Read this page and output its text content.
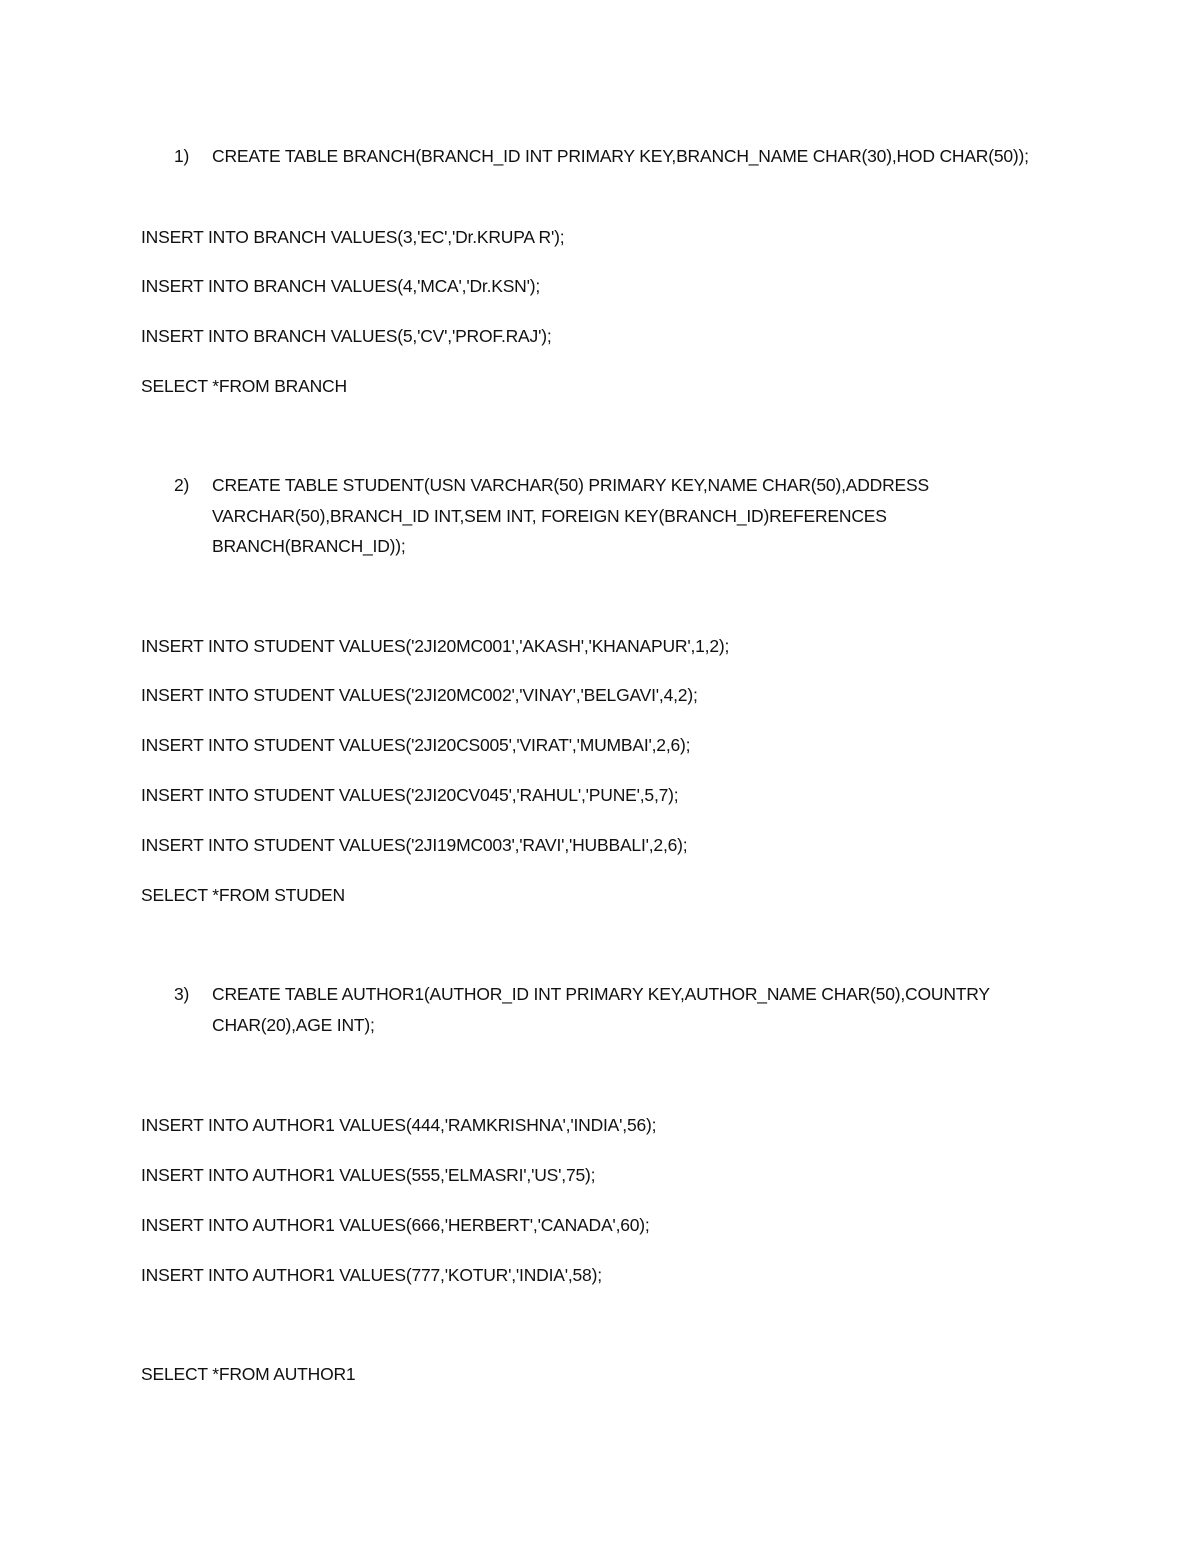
1) CREATE TABLE BRANCH(BRANCH_ID INT PRIMARY KEY,BRANCH_NAME CHAR(30),HOD CHAR(50));
INSERT INTO BRANCH VALUES(3,'EC','Dr.KRUPA R');
INSERT INTO BRANCH VALUES(4,'MCA','Dr.KSN');
INSERT INTO BRANCH VALUES(5,'CV','PROF.RAJ');
SELECT *FROM BRANCH
2) CREATE TABLE STUDENT(USN VARCHAR(50) PRIMARY KEY,NAME CHAR(50),ADDRESS VARCHAR(50),BRANCH_ID INT,SEM INT, FOREIGN KEY(BRANCH_ID)REFERENCES BRANCH(BRANCH_ID));
INSERT INTO STUDENT VALUES('2JI20MC001','AKASH','KHANAPUR',1,2);
INSERT INTO STUDENT VALUES('2JI20MC002','VINAY','BELGAVI',4,2);
INSERT INTO STUDENT VALUES('2JI20CS005','VIRAT','MUMBAI',2,6);
INSERT INTO STUDENT VALUES('2JI20CV045','RAHUL','PUNE',5,7);
INSERT INTO STUDENT VALUES('2JI19MC003','RAVI','HUBBALI',2,6);
SELECT *FROM STUDEN
3) CREATE TABLE AUTHOR1(AUTHOR_ID INT PRIMARY KEY,AUTHOR_NAME CHAR(50),COUNTRY CHAR(20),AGE INT);
INSERT INTO AUTHOR1 VALUES(444,'RAMKRISHNA','INDIA',56);
INSERT INTO AUTHOR1 VALUES(555,'ELMASRI','US',75);
INSERT INTO AUTHOR1 VALUES(666,'HERBERT','CANADA',60);
INSERT INTO AUTHOR1 VALUES(777,'KOTUR','INDIA',58);
SELECT *FROM AUTHOR1
